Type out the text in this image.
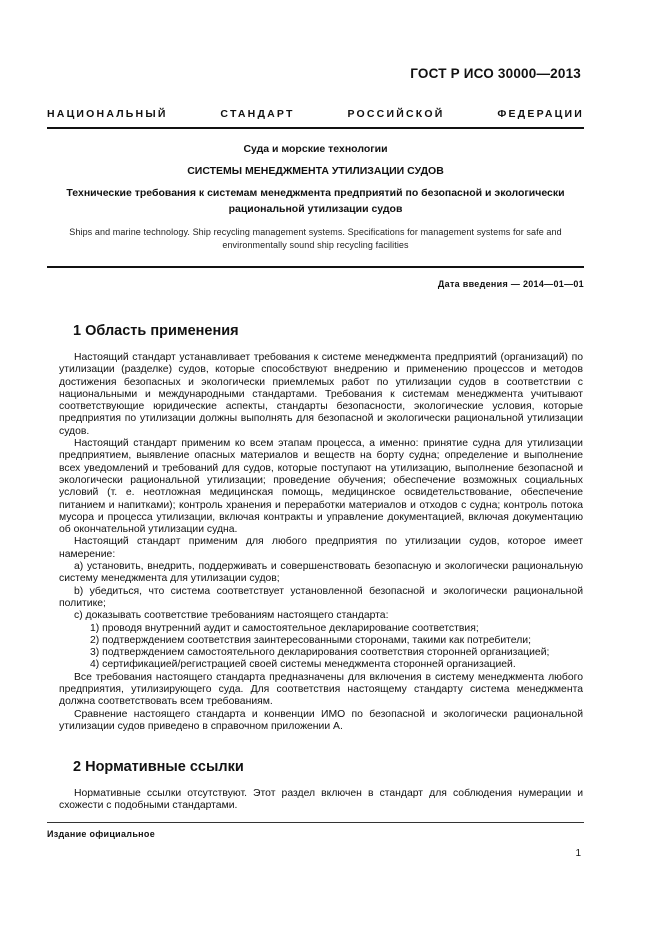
ГОСТ Р ИСО 30000—2013
НАЦИОНАЛЬНЫЙ СТАНДАРТ РОССИЙСКОЙ ФЕДЕРАЦИИ
Суда и морские технологии
СИСТЕМЫ МЕНЕДЖМЕНТА УТИЛИЗАЦИИ СУДОВ
Технические требования к системам менеджмента предприятий по безопасной и экологически рациональной утилизации судов
Ships and marine technology. Ship recycling management systems. Specifications for management systems for safe and environmentally sound ship recycling facilities
Дата введения — 2014—01—01
1 Область применения

Настоящий стандарт устанавливает требования к системе менеджмента предприятий (организаций) по утилизации (разделке) судов, которые способствуют внедрению и применению процессов и методов достижения безопасных и экологически приемлемых работ по утилизации судов в соответствии с национальными и международными стандартами. Требования к системам менеджмента учитывают соответствующие юридические аспекты, стандарты безопасности, экологические условия, которые предприятия по утилизации должны выполнять для безопасной и экологически рациональной утилизации судов.

Настоящий стандарт применим ко всем этапам процесса, а именно: принятие судна для утилизации предприятием, выявление опасных материалов и веществ на борту судна; определение и выполнение всех уведомлений и требований для судов, которые поступают на утилизацию, выполнение безопасной и экологически рациональной утилизации; проведение обучения; обеспечение возможных социальных условий (т. е. неотложная медицинская помощь, медицинское освидетельствование, обеспечение питанием и напитками); контроль хранения и переработки материалов и отходов с судна; контроль потока мусора и процесса утилизации, включая контракты и управление документацией, включая документацию об окончательной утилизации судна.

Настоящий стандарт применим для любого предприятия по утилизации судов, которое имеет намерение:

a) установить, внедрить, поддерживать и совершенствовать безопасную и экологически рациональную систему менеджмента для утилизации судов;

b) убедиться, что система соответствует установленной безопасной и экологически рациональной политике;

c) доказывать соответствие требованиям настоящего стандарта:

1) проводя внутренний аудит и самостоятельное декларирование соответствия;

2) подтверждением соответствия заинтересованными сторонами, такими как потребители;

3) подтверждением самостоятельного декларирования соответствия сторонней организацией;

4) сертификацией/регистрацией своей системы менеджмента сторонней организацией.

Все требования настоящего стандарта предназначены для включения в систему менеджмента любого предприятия, утилизирующего суда. Для соответствия настоящему стандарту система менеджмента должна соответствовать всем требованиям.

Сравнение настоящего стандарта и конвенции ИМО по безопасной и экологически рациональной утилизации судов приведено в справочном приложении А.

2 Нормативные ссылки

Нормативные ссылки отсутствуют. Этот раздел включен в стандарт для соблюдения нумерации и схожести с подобными стандартами.

Издание официальное
1
